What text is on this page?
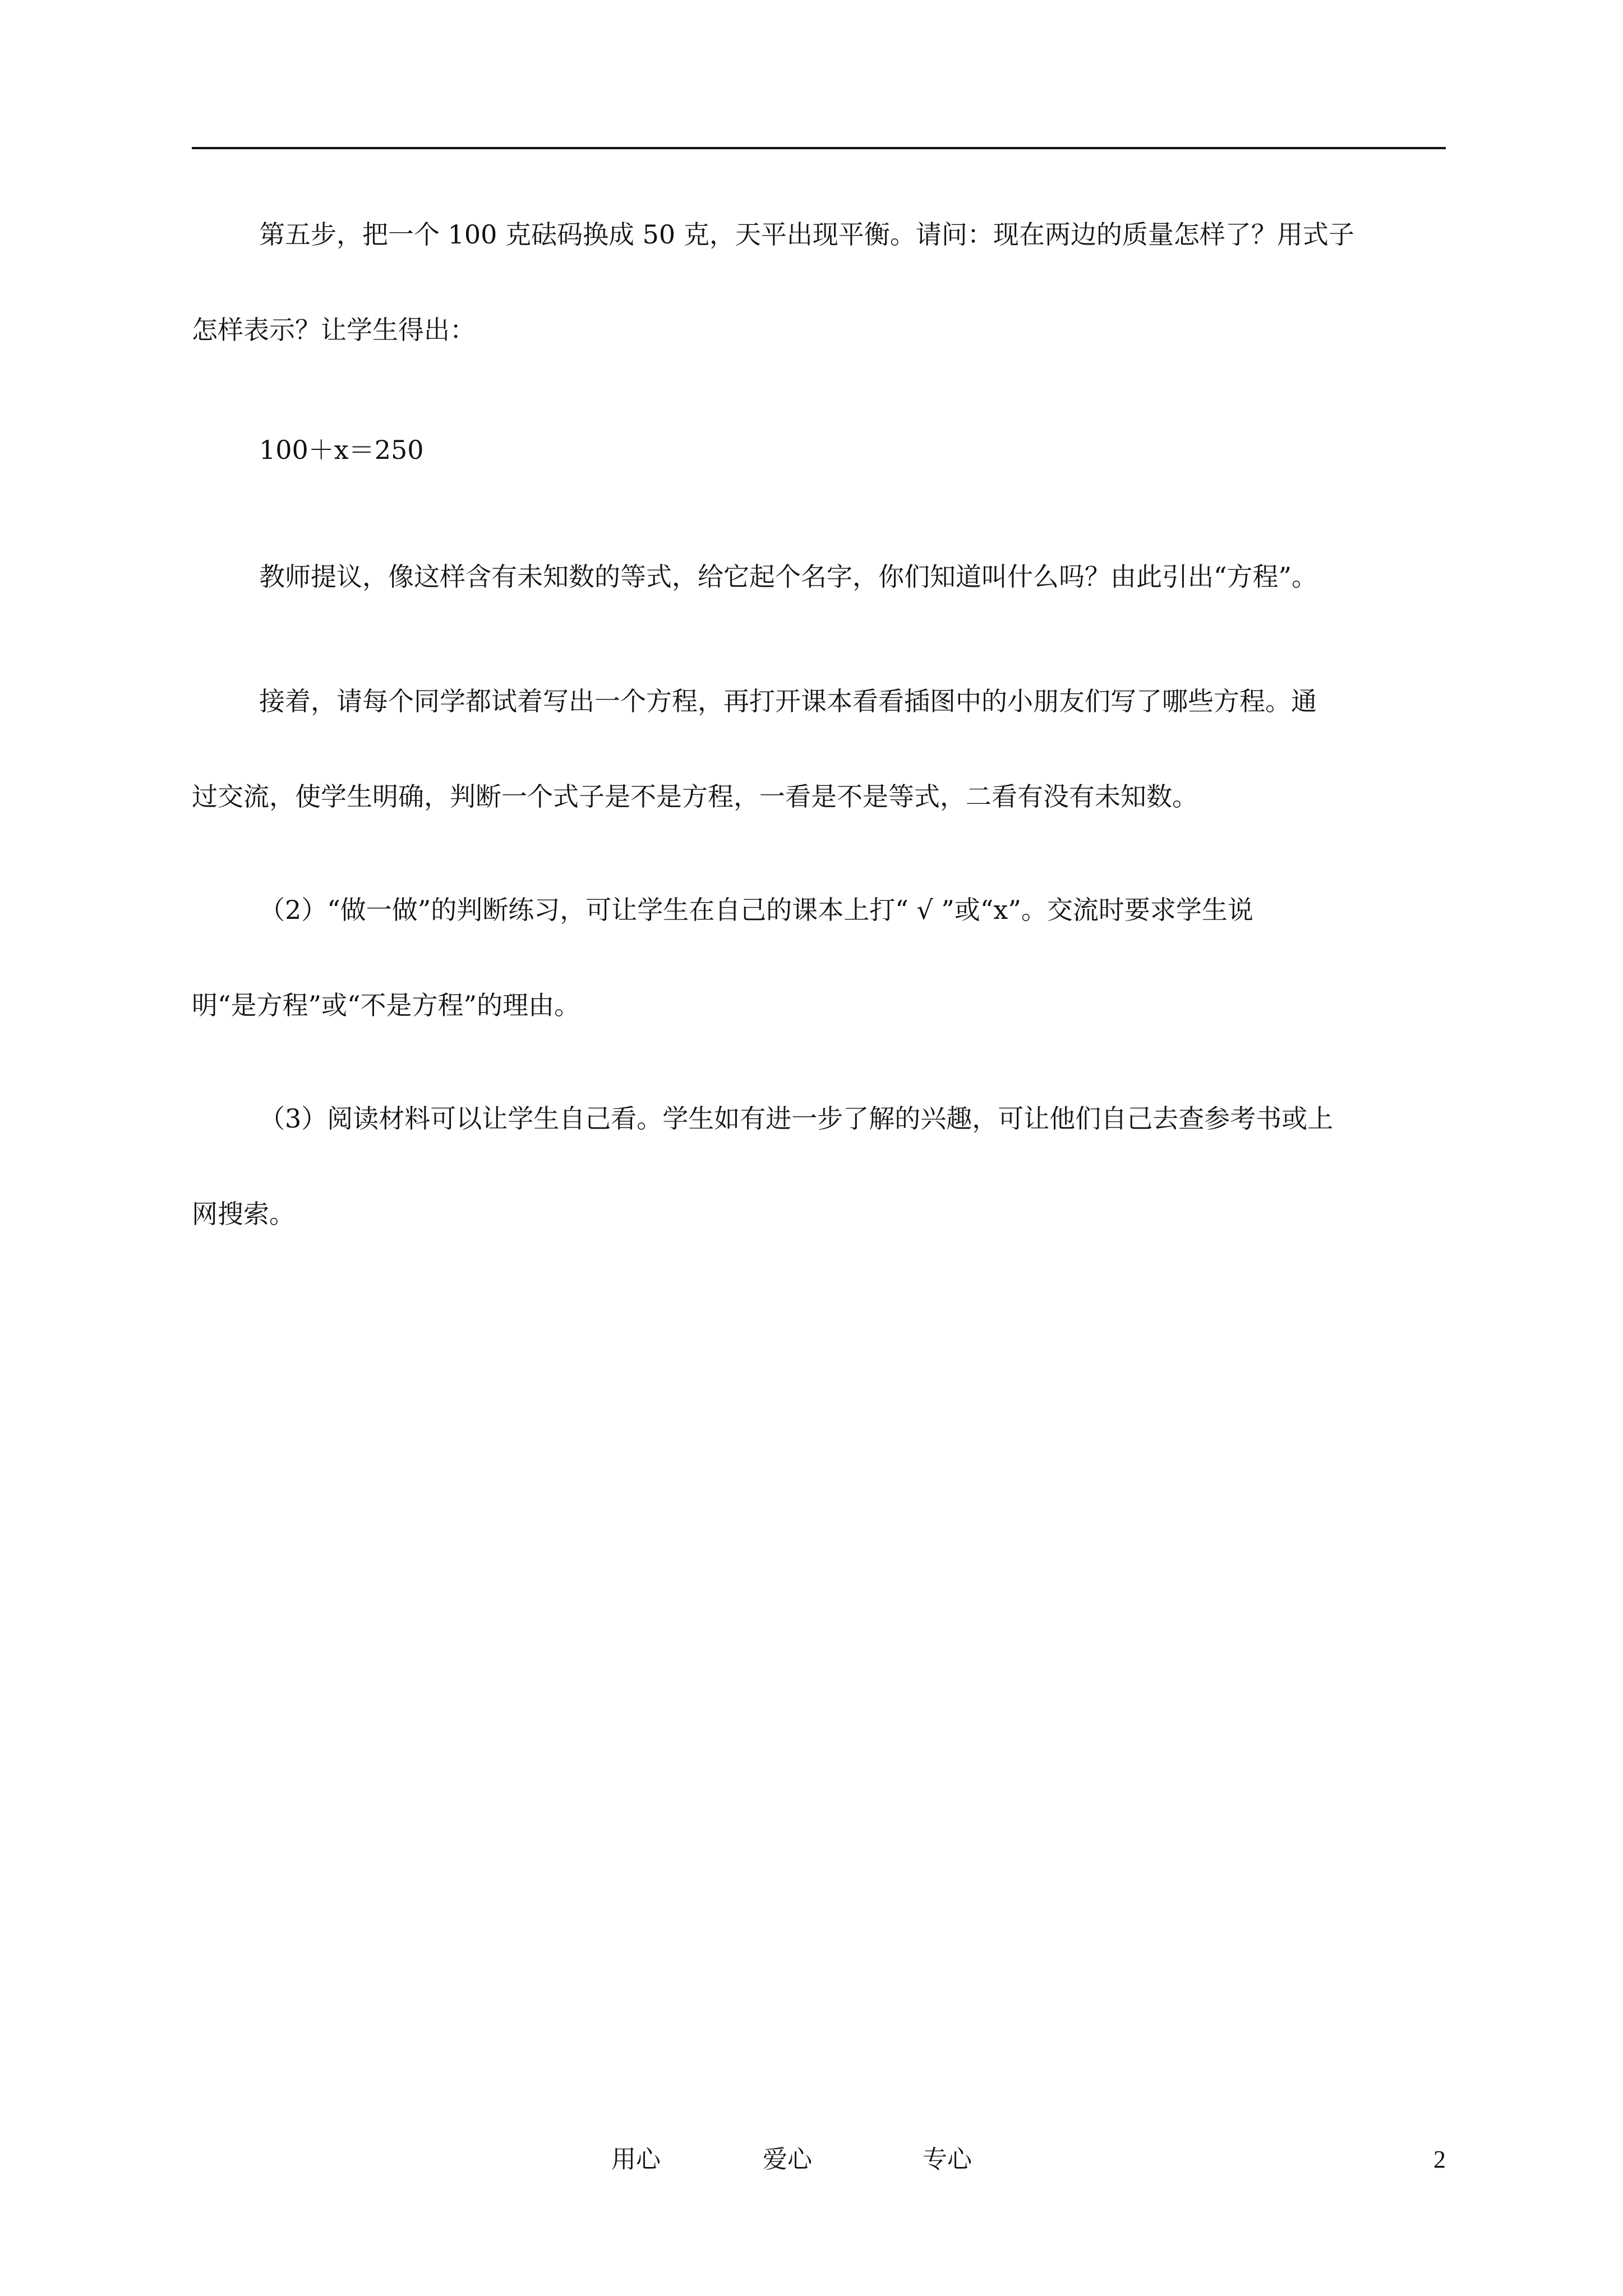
第五步，把一个 100 克砝码换成 50 克，天平出现平衡。请问：现在两边的质量怎样了？用式子
怎样表示？让学生得出：
100＋x＝250
教师提议，像这样含有未知数的等式，给它起个名字，你们知道叫什么吗？由此引出“方程”。
接着，请每个同学都试着写出一个方程，再打开课本看看插图中的小朋友们写了哪些方程。通
过交流，使学生明确，判断一个式子是不是方程，一看是不是等式，二看有没有未知数。
（2）“做一做”的判断练习，可让学生在自己的课本上打“ √ ”或“x”。交流时要求学生说
明“是方程”或“不是方程”的理由。
（3）阅读材料可以让学生自己看。学生如有进一步了解的兴趣，可让他们自己去查参考书或上
网搜索。
用心	爱心	专心	2
